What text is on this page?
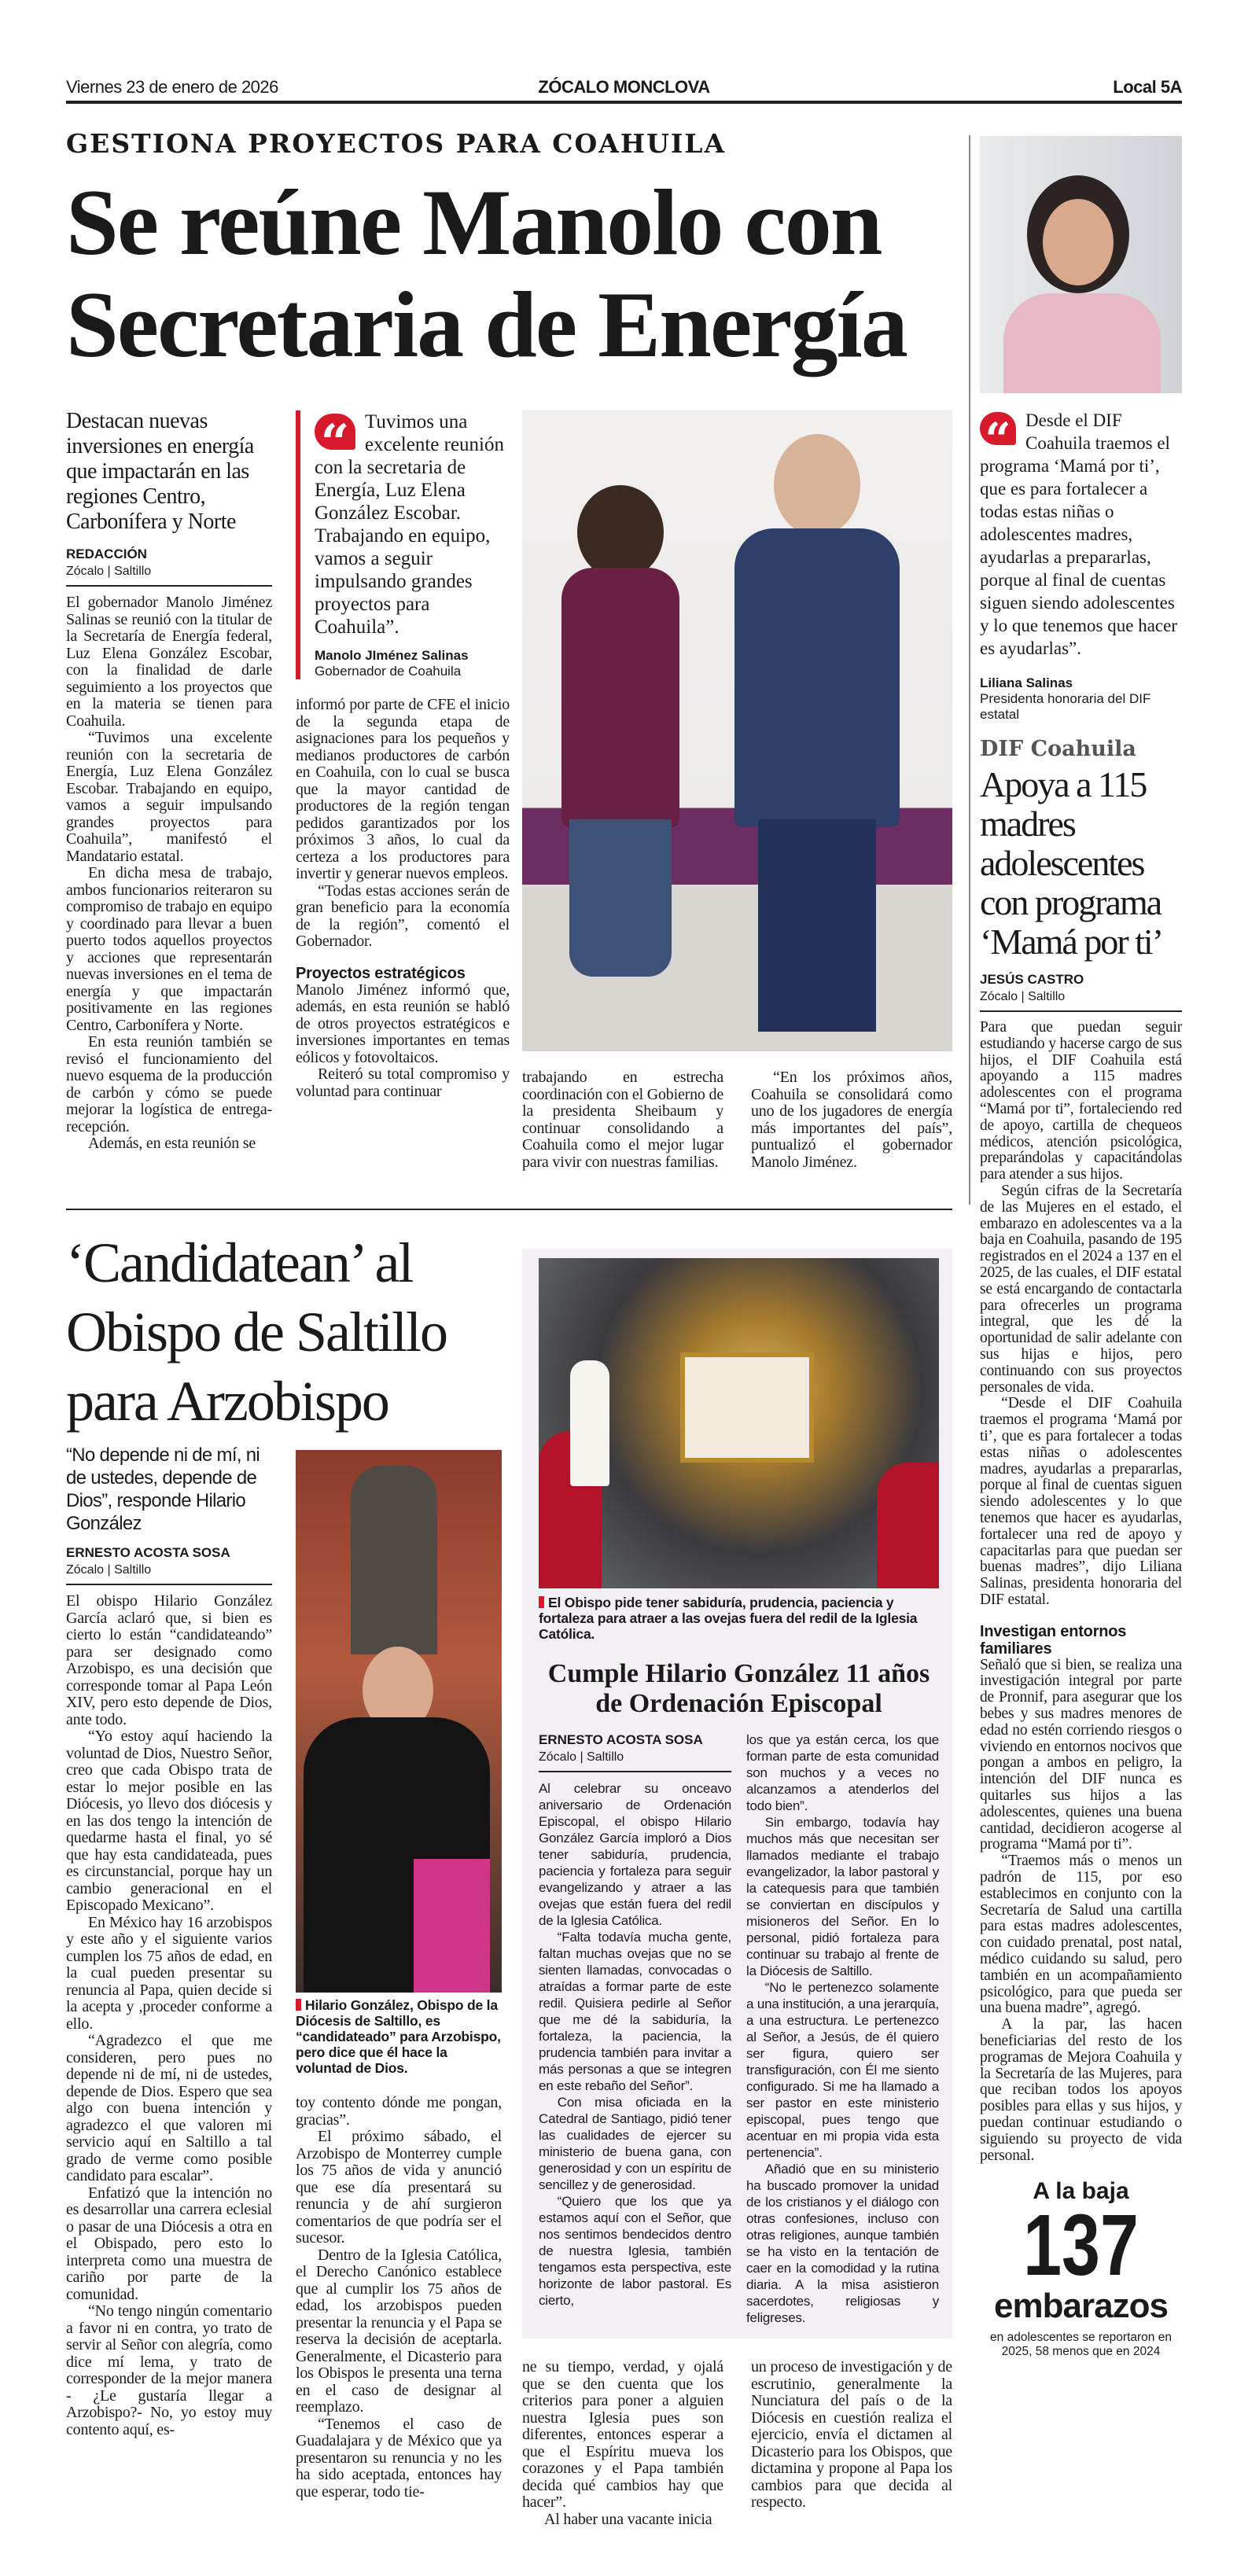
Viernes 23 de enero de 2026	ZÓCALO MONCLOVA	Local 5A
GESTIONA PROYECTOS PARA COAHUILA
Se reúne Manolo con Secretaria de Energía
Destacan nuevas inversiones en energía que impactarán en las regiones Centro, Carbonífera y Norte
REDACCIÓN
Zócalo | Saltillo

El gobernador Manolo Jiménez Salinas se reunió con la titular de la Secretaría de Energía federal, Luz Elena González Escobar, con la finalidad de darle seguimiento a los proyectos que en la materia se tienen para Coahuila.

“Tuvimos una excelente reunión con la secretaria de Energía, Luz Elena González Escobar. Trabajando en equipo, vamos a seguir impulsando grandes proyectos para Coahuila”, manifestó el Mandatario estatal.

En dicha mesa de trabajo, ambos funcionarios reiteraron su compromiso de trabajo en equipo y coordinado para llevar a buen puerto todos aquellos proyectos y acciones que representarán nuevas inversiones en el tema de energía y que impactarán positivamente en las regiones Centro, Carbonífera y Norte.

En esta reunión también se revisó el funcionamiento del nuevo esquema de la producción de carbón y cómo se puede mejorar la logística de entrega-recepción.

Además, en esta reunión se

“ Tuvimos una excelente reunión con la secretaria de Energía, Luz Elena González Escobar. Trabajando en equipo, vamos a seguir impulsando grandes proyectos para Coahuila”.
Manolo JIménez Salinas
Gobernador de Coahuila

informó por parte de CFE el inicio de la segunda etapa de asignaciones para los pequeños y medianos productores de carbón en Coahuila, con lo cual se busca que la mayor cantidad de productores de la región tengan pedidos garantizados por los próximos 3 años, lo cual da certeza a los productores para invertir y generar nuevos empleos.

“Todas estas acciones serán de gran beneficio para la economía de la región”, comentó el Gobernador.

Proyectos estratégicos

Manolo Jiménez informó que, además, en esta reunión se habló de otros proyectos estratégicos e inversiones importantes en temas eólicos y fotovoltaicos.

Reiteró su total compromiso y voluntad para continuar

trabajando en estrecha coordinación con el Gobierno de la presidenta Sheibaum y continuar consolidando a Coahuila como el mejor lugar para vivir con nuestras familias.

“En los próximos años, Coahuila se consolidará como uno de los jugadores de energía más importantes del país”, puntualizó el gobernador Manolo Jiménez.

“ Desde el DIF Coahuila traemos el programa ‘Mamá por ti’, que es para fortalecer a todas estas niñas o adolescentes madres, ayudarlas a prepararlas, porque al final de cuentas siguen siendo adolescentes y lo que tenemos que hacer es ayudarlas”.
Liliana Salinas
Presidenta honoraria del DIF estatal
DIF Coahuila
Apoya a 115 madres adolescentes con programa ‘Mamá por ti’
JESÚS CASTRO
Zócalo | Saltillo

Para que puedan seguir estudiando y hacerse cargo de sus hijos, el DIF Coahuila está apoyando a 115 madres adolescentes con el programa “Mamá por ti”, fortaleciendo red de apoyo, cartilla de chequeos médicos, atención psicológica, preparándolas y capacitándolas para atender a sus hijos.

Según cifras de la Secretaría de las Mujeres en el estado, el embarazo en adolescentes va a la baja en Coahuila, pasando de 195 registrados en el 2024 a 137 en el 2025, de las cuales, el DIF estatal se está encargando de contactarla para ofrecerles un programa integral, que les dé la oportunidad de salir adelante con sus hijas e hijos, pero continuando con sus proyectos personales de vida.

“Desde el DIF Coahuila traemos el programa ‘Mamá por ti’, que es para fortalecer a todas estas niñas o adolescentes madres, ayudarlas a prepararlas, porque al final de cuentas siguen siendo adolescentes y lo que tenemos que hacer es ayudarlas, fortalecer una red de apoyo y capacitarlas para que puedan ser buenas madres”, dijo Liliana Salinas, presidenta honoraria del DIF estatal.

Investigan entornos familiares

Señaló que si bien, se realiza una investigación integral por parte de Pronnif, para asegurar que los bebes y sus madres menores de edad no estén corriendo riesgos o viviendo en entornos nocivos que pongan a ambos en peligro, la intención del DIF nunca es quitarles sus hijos a las adolescentes, quienes una buena cantidad, decidieron acogerse al programa “Mamá por ti”.

“Traemos más o menos un padrón de 115, por eso establecimos en conjunto con la Secretaría de Salud una cartilla para estas madres adolescentes, con cuidado prenatal, post natal, médico cuidando su salud, pero también en un acompañamiento psicológico, para que pueda ser una buena madre”, agregó.

A la par, las hacen beneficiarias del resto de los programas de Mejora Coahuila y la Secretaría de las Mujeres, para que reciban todos los apoyos posibles para ellas y sus hijos, y puedan continuar estudiando o siguiendo su proyecto de vida personal.

A la baja
137
embarazos
en adolescentes se reportaron en 2025, 58 menos que en 2024
‘Candidatean’ al Obispo de Saltillo para Arzobispo
“No depende ni de mí, ni de ustedes, depende de Dios”, responde Hilario González
ERNESTO ACOSTA SOSA
Zócalo | Saltillo

El obispo Hilario González García aclaró que, si bien es cierto lo están “candidateando” para ser designado como Arzobispo, es una decisión que corresponde tomar al Papa León XIV, pero esto depende de Dios, ante todo.

“Yo estoy aquí haciendo la voluntad de Dios, Nuestro Señor, creo que cada Obispo trata de estar lo mejor posible en las Diócesis, yo llevo dos diócesis y en las dos tengo la intención de quedarme hasta el final, yo sé que hay esta candidateada, pues es circunstancial, porque hay un cambio generacional en el Episcopado Mexicano”.

En México hay 16 arzobispos y este año y el siguiente varios cumplen los 75 años de edad, en la cual pueden presentar su renuncia al Papa, quien decide si la acepta y ,proceder conforme a ello.

“Agradezco el que me consideren, pero pues no depende ni de mí, ni de ustedes, depende de Dios. Espero que sea algo con buena intención y agradezco el que valoren mi servicio aquí en Saltillo a tal grado de verme como posible candidato para escalar”.

Enfatizó que la intención no es desarrollar una carrera eclesial o pasar de una Diócesis a otra en el Obispado, pero esto lo interpreta como una muestra de cariño por parte de la comunidad.

“No tengo ningún comentario a favor ni en contra, yo trato de servir al Señor con alegría, como dice mí lema, y trato de corresponder de la mejor manera - ¿Le gustaría llegar a Arzobispo?- No, yo estoy muy contento aquí, es-

Hilario González, Obispo de la Diócesis de Saltillo, es “candidateado” para Arzobispo, pero dice que él hace la voluntad de Dios.

toy contento dónde me pongan, gracias”.

El próximo sábado, el Arzobispo de Monterrey cumple los 75 años de vida y anunció que ese día presentará su renuncia y de ahí surgieron comentarios de que podría ser el sucesor.

Dentro de la Iglesia Católica, el Derecho Canónico establece que al cumplir los 75 años de edad, los arzobispos pueden presentar la renuncia y el Papa se reserva la decisión de aceptarla. Generalmente, el Dicasterio para los Obispos le presenta una terna en el caso de designar al reemplazo.

“Tenemos el caso de Guadalajara y de México que ya presentaron su renuncia y no les ha sido aceptada, entonces hay que esperar, todo tie-

El Obispo pide tener sabiduría, prudencia, paciencia y fortaleza para atraer a las ovejas fuera del redil de la Iglesia Católica.
Cumple Hilario González 11 años de Ordenación Episcopal
ERNESTO ACOSTA SOSA
Zócalo | Saltillo

Al celebrar su onceavo aniversario de Ordenación Episcopal, el obispo Hilario González García imploró a Dios tener sabiduría, prudencia, paciencia y fortaleza para seguir evangelizando y atraer a las ovejas que están fuera del redil de la Iglesia Católica.

“Falta todavía mucha gente, faltan muchas ovejas que no se sienten llamadas, convocadas o atraídas a formar parte de este redil. Quisiera pedirle al Señor que me dé la sabiduría, la fortaleza, la paciencia, la prudencia también para invitar a más personas a que se integren en este rebaño del Señor”.

Con misa oficiada en la Catedral de Santiago, pidió tener las cualidades de ejercer su ministerio de buena gana, con generosidad y con un espíritu de sencillez y de generosidad.

“Quiero que los que ya estamos aquí con el Señor, que nos sentimos bendecidos dentro de nuestra Iglesia, también tengamos esta perspectiva, este horizonte de labor pastoral. Es cierto,

los que ya están cerca, los que forman parte de esta comunidad son muchos y a veces no alcanzamos a atenderlos del todo bien”.

Sin embargo, todavía hay muchos más que necesitan ser llamados mediante el trabajo evangelizador, la labor pastoral y la catequesis para que también se conviertan en discípulos y misioneros del Señor. En lo personal, pidió fortaleza para continuar su trabajo al frente de la Diócesis de Saltillo.

“No le pertenezco solamente a una institución, a una jerarquía, a una estructura. Le pertenezco al Señor, a Jesús, de él quiero ser figura, quiero ser transfiguración, con Él me siento configurado. Si me ha llamado a ser pastor en este ministerio episcopal, pues tengo que acentuar en mi propia vida esta pertenencia”.

Añadió que en su ministerio ha buscado promover la unidad de los cristianos y el diálogo con otras confesiones, incluso con otras religiones, aunque también se ha visto en la tentación de caer en la comodidad y la rutina diaria. A la misa asistieron sacerdotes, religiosas y feligreses.

ne su tiempo, verdad, y ojalá que se den cuenta que los criterios para poner a alguien nuestra Iglesia pues son diferentes, entonces esperar a que el Espíritu mueva los corazones y el Papa también decida qué cambios hay que hacer”.

Al haber una vacante inicia

un proceso de investigación y de escrutinio, generalmente la Nunciatura del país o de la Diócesis en cuestión realiza el ejercicio, envía el dictamen al Dicasterio para los Obispos, que dictamina y propone al Papa los cambios para que decida al respecto.
